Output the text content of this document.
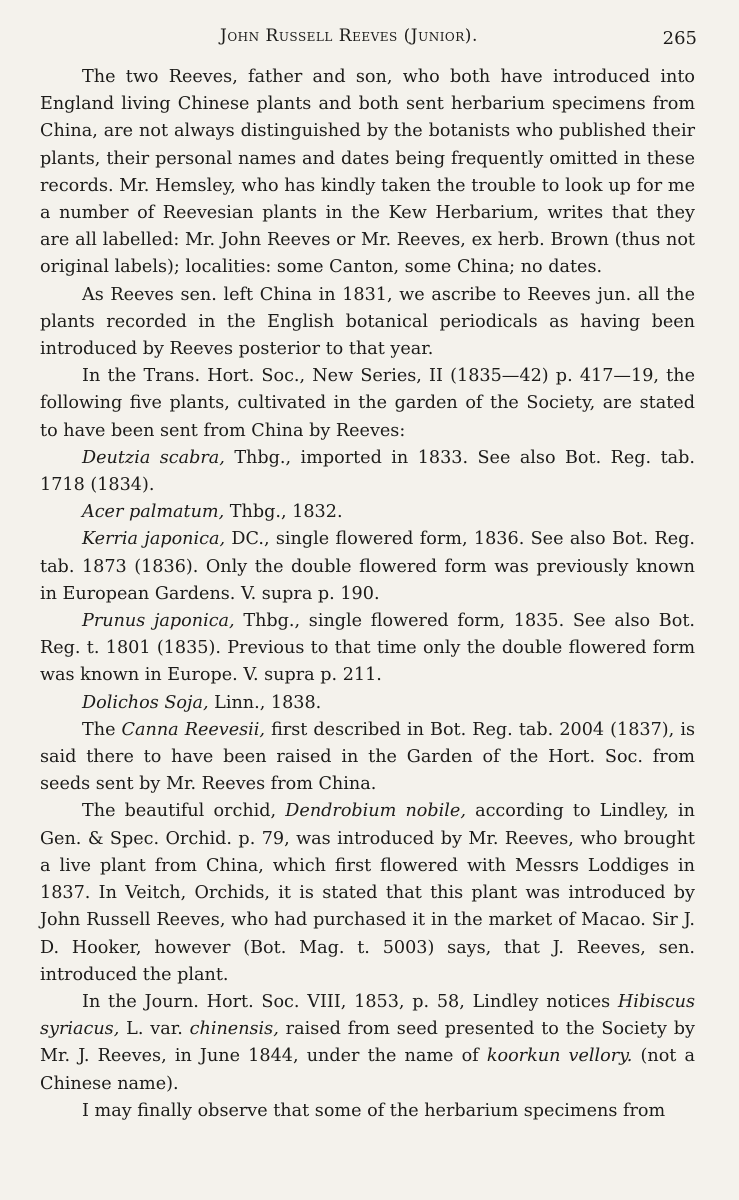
John Russell Reeves (Junior).	265

The two Reeves, father and son, who both have introduced into England living Chinese plants and both sent herbarium specimens from China, are not always distinguished by the botanists who published their plants, their personal names and dates being frequently omitted in these records. Mr. Hemsley, who has kindly taken the trouble to look up for me a number of Reevesian plants in the Kew Herbarium, writes that they are all labelled: Mr. John Reeves or Mr. Reeves, ex herb. Brown (thus not original labels); localities: some Canton, some China; no dates.

As Reeves sen. left China in 1831, we ascribe to Reeves jun. all the plants recorded in the English botanical periodicals as having been introduced by Reeves posterior to that year.

In the Trans. Hort. Soc., New Series, II (1835—42) p. 417—19, the following five plants, cultivated in the garden of the Society, are stated to have been sent from China by Reeves:

Deutzia scabra, Thbg., imported in 1833. See also Bot. Reg. tab. 1718 (1834).

Acer palmatum, Thbg., 1832.

Kerria japonica, DC., single flowered form, 1836. See also Bot. Reg. tab. 1873 (1836). Only the double flowered form was previously known in European Gardens. V. supra p. 190.

Prunus japonica, Thbg., single flowered form, 1835. See also Bot. Reg. t. 1801 (1835). Previous to that time only the double flowered form was known in Europe. V. supra p. 211.

Dolichos Soja, Linn., 1838.

The Canna Reevesii, first described in Bot. Reg. tab. 2004 (1837), is said there to have been raised in the Garden of the Hort. Soc. from seeds sent by Mr. Reeves from China.

The beautiful orchid, Dendrobium nobile, according to Lindley, in Gen. & Spec. Orchid. p. 79, was introduced by Mr. Reeves, who brought a live plant from China, which first flowered with Messrs Loddiges in 1837. In Veitch, Orchids, it is stated that this plant was introduced by John Russell Reeves, who had purchased it in the market of Macao. Sir J. D. Hooker, however (Bot. Mag. t. 5003) says, that J. Reeves, sen. introduced the plant.

In the Journ. Hort. Soc. VIII, 1853, p. 58, Lindley notices Hibiscus syriacus, L. var. chinensis, raised from seed presented to the Society by Mr. J. Reeves, in June 1844, under the name of koorkun vellory. (not a Chinese name).

I may finally observe that some of the herbarium specimens from
